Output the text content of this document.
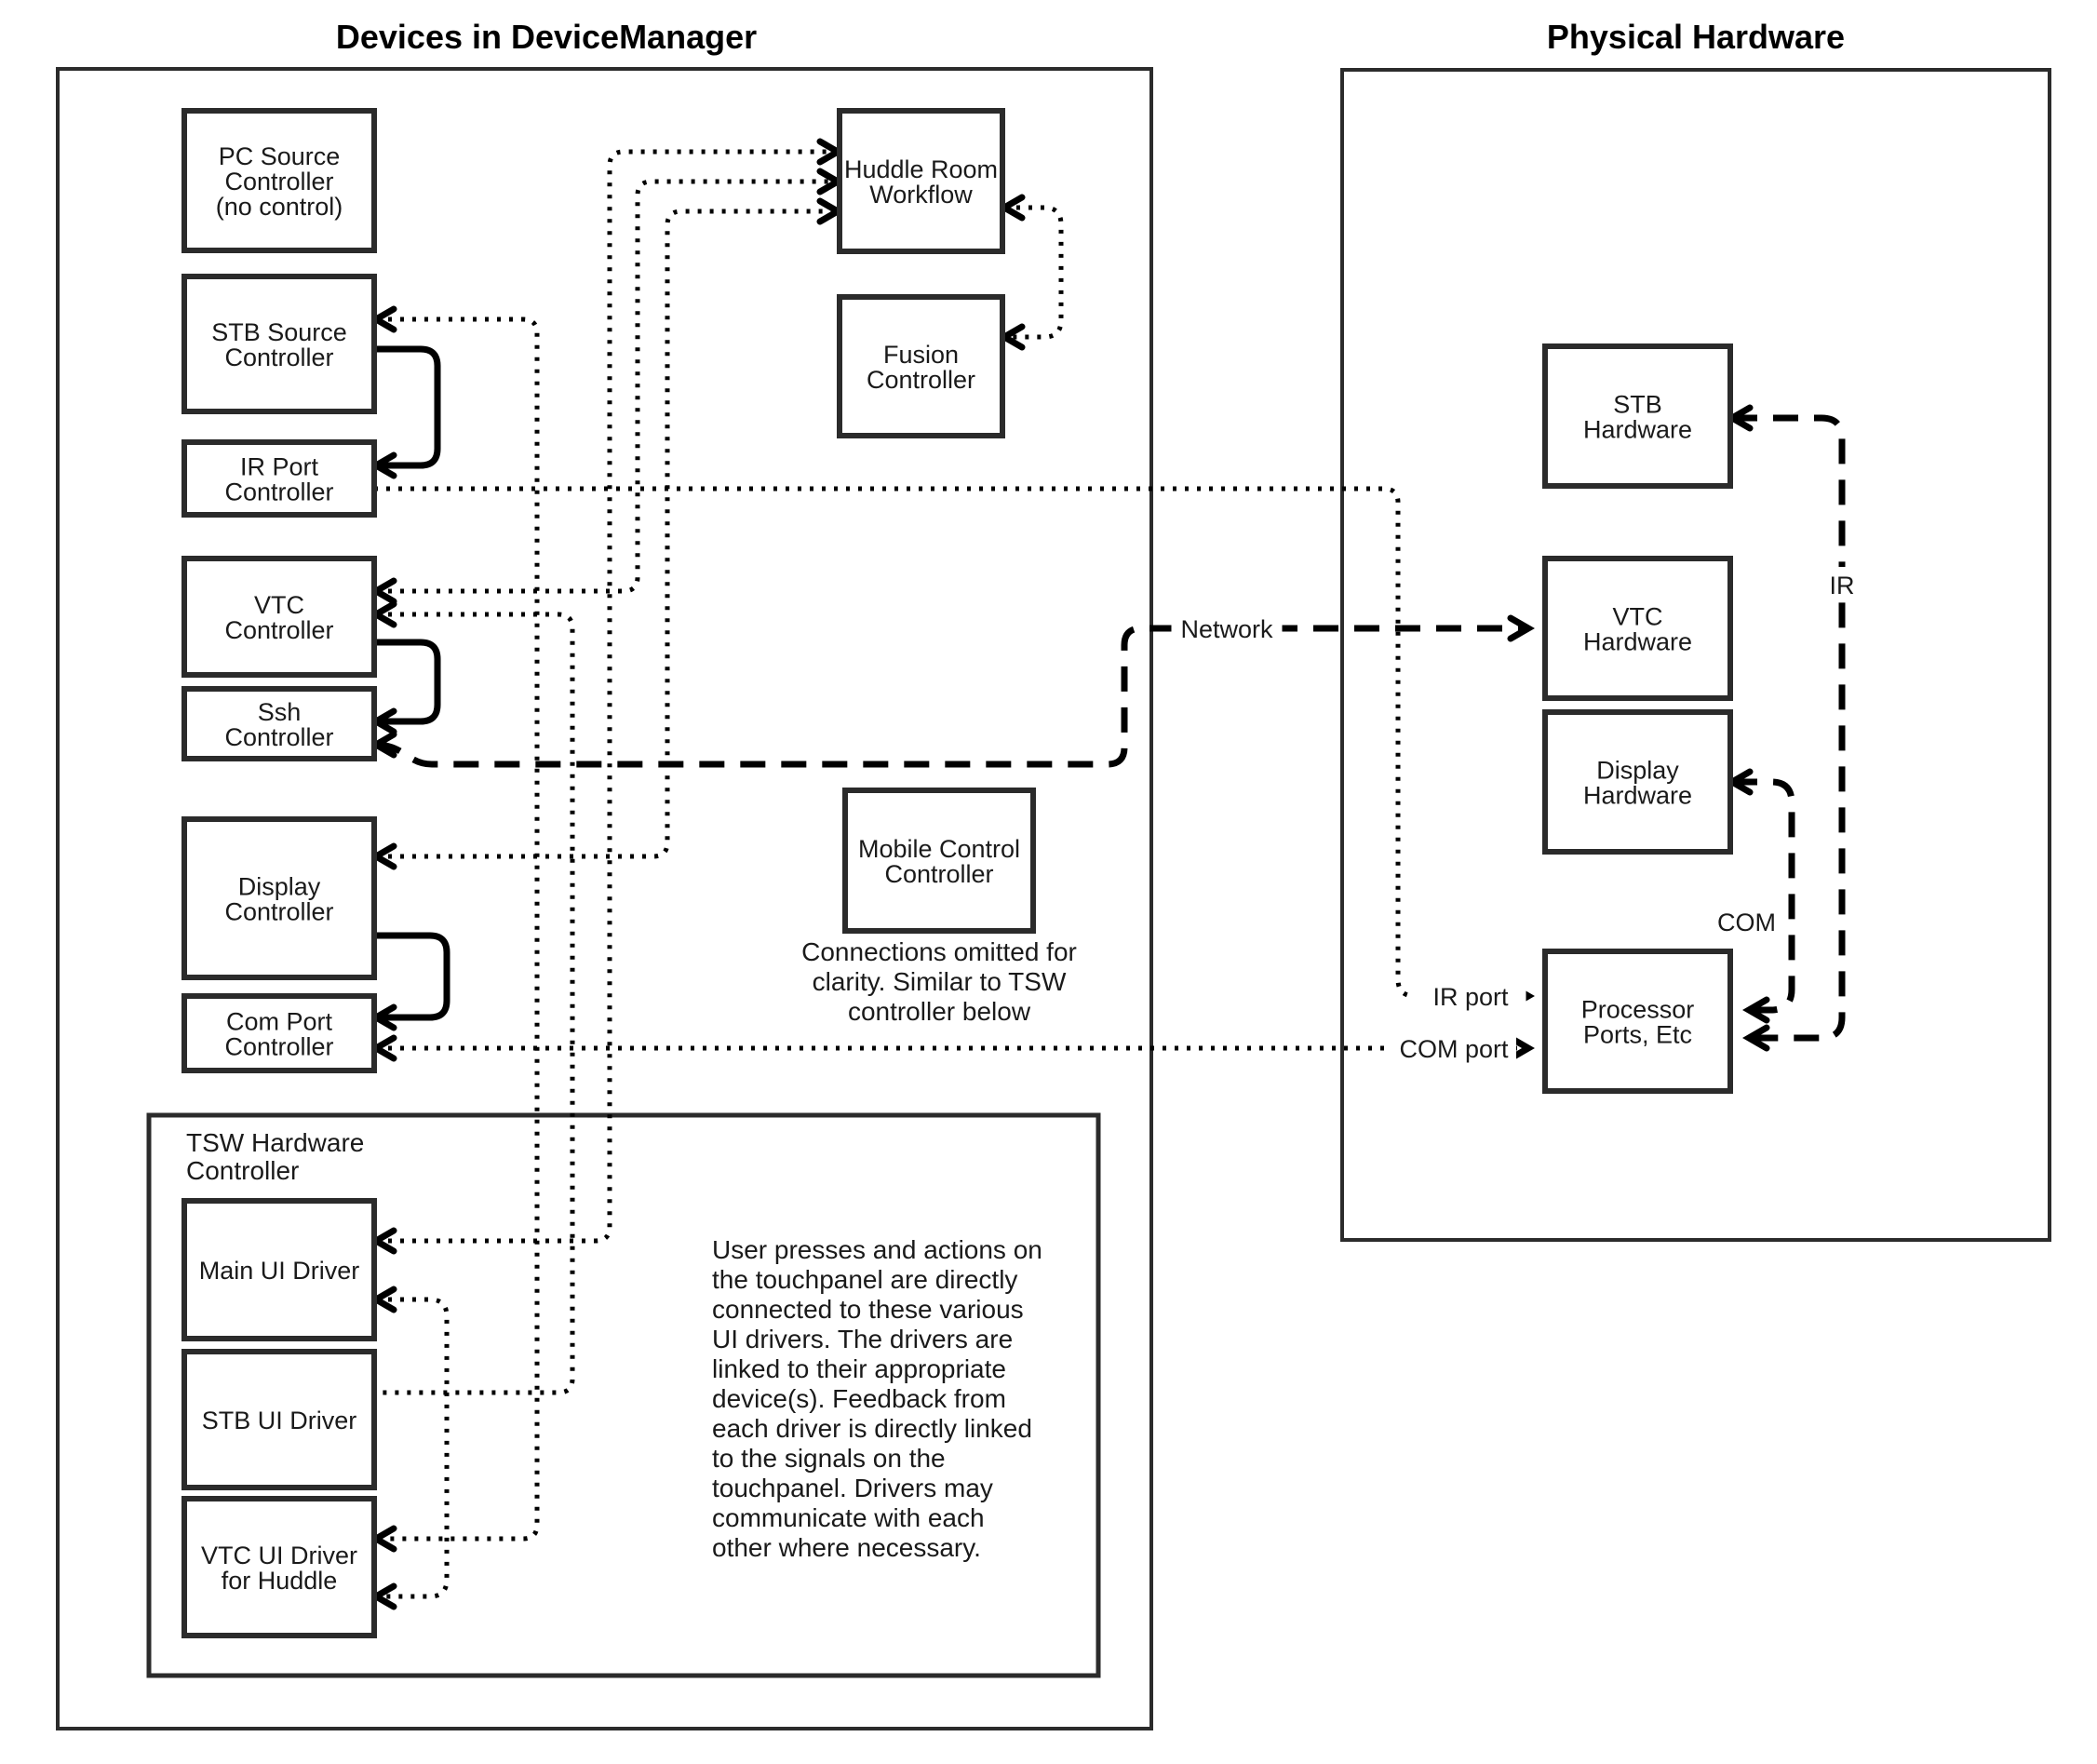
PC Source
Controller
(no control)
STB Source
Controller
IR Port
Controller
VTC
Controller
Ssh
Controller
Display
Controller
Com Port
Controller
Main UI Driver
STB UI Driver
VTC UI Driver
for Huddle
Huddle Room
Workflow
Fusion
Controller
Mobile Control
Controller
STB
Hardware
VTC
Hardware
Display
Hardware
Processor
Ports, Etc
Network
IR port
COM port
IR
COM
TSW Hardware
Controller
Connections omitted for
clarity. Similar to TSW
controller below
User presses and actions on
the touchpanel are directly
connected to these various
UI drivers. The drivers are
linked to their appropriate
device(s). Feedback from
each driver is directly linked
to the signals on the
touchpanel. Drivers may
communicate with each
other where necessary.
Devices in DeviceManager	Physical Hardware
